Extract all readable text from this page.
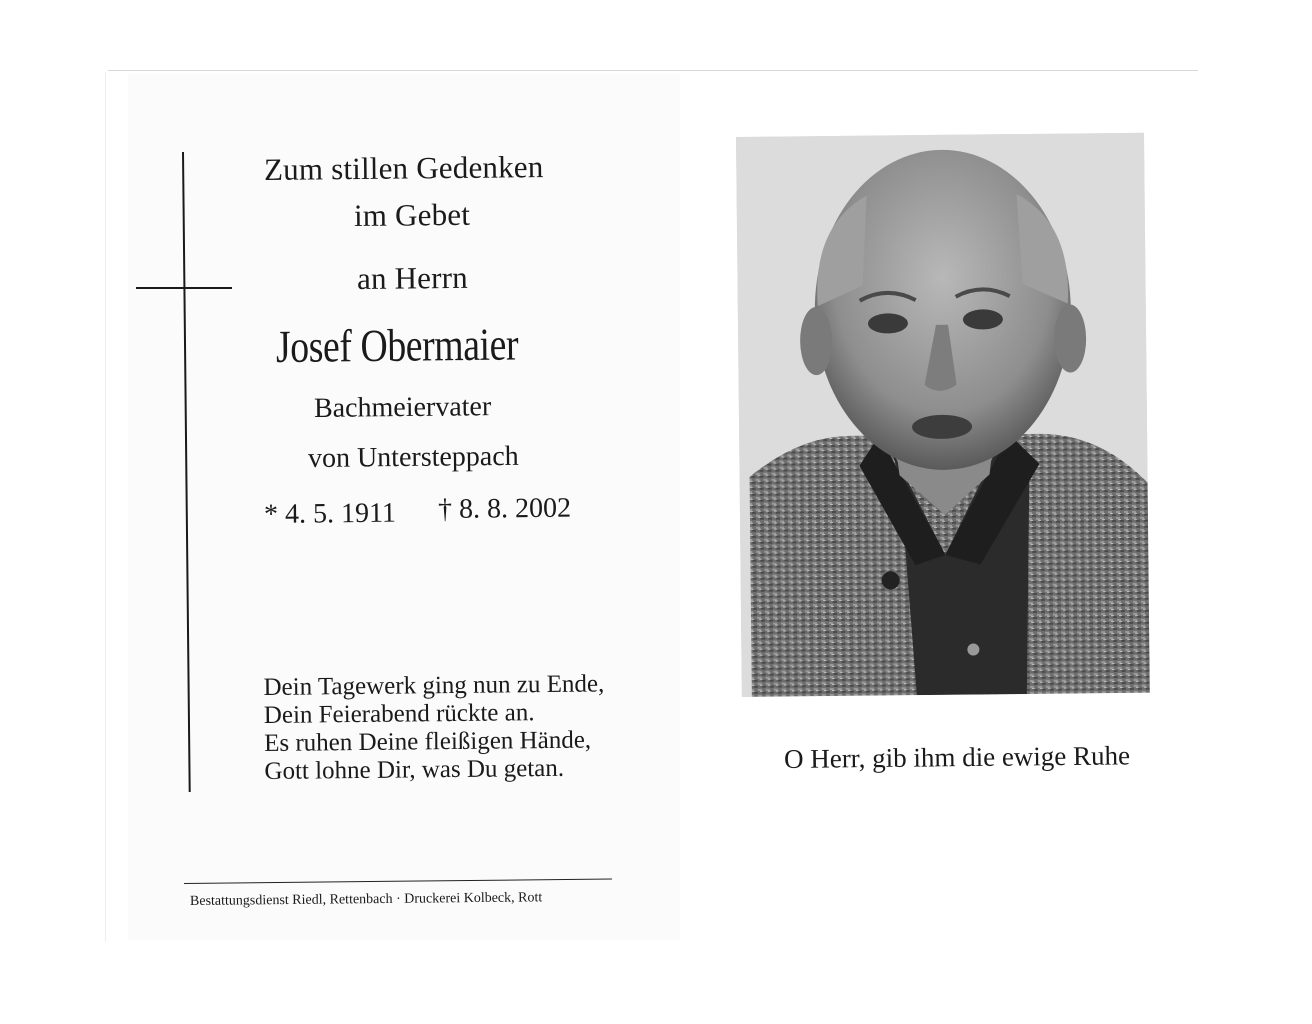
Zum stillen Gedenken
im Gebet
an Herrn
Josef Obermaier
Bachmeiervater
von Untersteppach
* 4. 5. 1911 † 8. 8. 2002
Dein Tagewerk ging nun zu Ende,
Dein Feierabend rückte an.
Es ruhen Deine fleißigen Hände,
Gott lohne Dir, was Du getan.	O Herr, gib ihm die ewige Ruhe
Bestattungsdienst Riedl, Rettenbach · Druckerei Kolbeck, Rott
